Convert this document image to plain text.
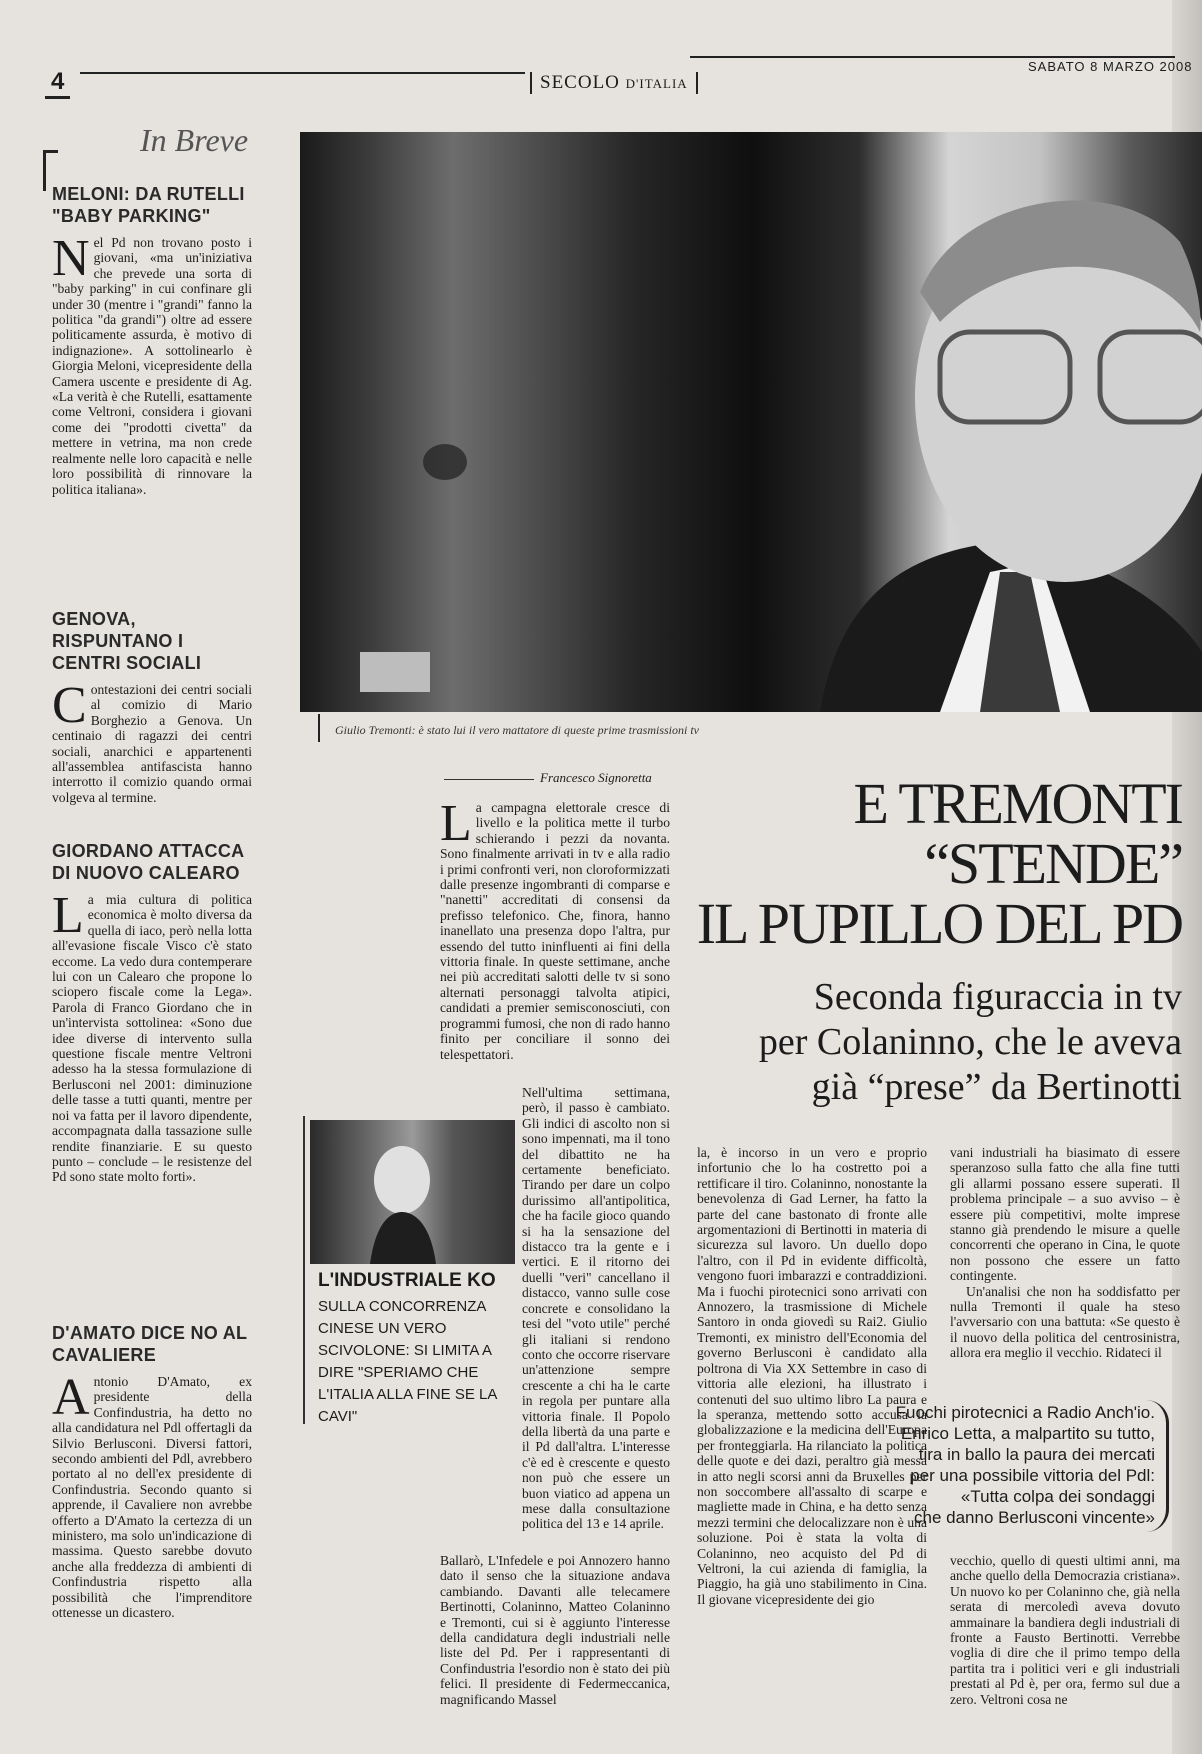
4	SECOLO D'ITALIA
SABATO 8 MARZO 2008
In Breve
MELONI: DA RUTELLI "BABY PARKING"

N el Pd non trovano posto i giovani, «ma un'iniziativa che prevede una sorta di "baby parking" in cui confinare gli under 30 (mentre i "grandi" fanno la politica "da grandi") oltre ad essere politicamente assurda, è motivo di indignazione». A sottolinearlo è Giorgia Meloni, vicepresidente della Camera uscente e presidente di Ag. «La verità è che Rutelli, esattamente come Veltroni, considera i giovani come dei "prodotti civetta" da mettere in vetrina, ma non crede realmente nelle loro capacità e nelle loro possibilità di rinnovare la politica italiana».

GENOVA, RISPUNTANO I CENTRI SOCIALI

C ontestazioni dei centri sociali al comizio di Mario Borghezio a Genova. Un centinaio di ragazzi dei centri sociali, anarchici e appartenenti all'assemblea antifascista hanno interrotto il comizio quando ormai volgeva al termine.

GIORDANO ATTACCA DI NUOVO CALEARO

L a mia cultura di politica economica è molto diversa da quella di iaco, però nella lotta all'evasione fiscale Visco c'è stato eccome. La vedo dura contemperare lui con un Calearo che propone lo sciopero fiscale come la Lega». Parola di Franco Giordano che in un'intervista sottolinea: «Sono due idee diverse di intervento sulla questione fiscale mentre Veltroni adesso ha la stessa formulazione di Berlusconi nel 2001: diminuzione delle tasse a tutti quanti, mentre per noi va fatta per il lavoro dipendente, accompagnata dalla tassazione sulle rendite finanziarie. E su questo punto – conclude – le resistenze del Pd sono state molto forti».

D'AMATO DICE NO AL CAVALIERE

A ntonio D'Amato, ex presidente della Confindustria, ha detto no alla candidatura nel Pdl offertagli da Silvio Berlusconi. Diversi fattori, secondo ambienti del Pdl, avrebbero portato al no dell'ex presidente di Confindustria. Secondo quanto si apprende, il Cavaliere non avrebbe offerto a D'Amato la certezza di un ministero, ma solo un'indicazione di massima. Questo sarebbe dovuto anche alla freddezza di ambienti di Confindustria rispetto alla possibilità che l'imprenditore ottenesse un dicastero.

Giulio Tremonti: è stato lui il vero mattatore di queste prime trasmissioni tv
Francesco Signoretta	E TREMONTI
“STENDE”
IL PUPILLO DEL PD
Seconda figuraccia in tv
per Colaninno, che le aveva
già “prese” da Bertinotti

L a campagna elettorale cresce di livello e la politica mette il turbo schierando i pezzi da novanta. Sono finalmente arrivati in tv e alla radio i primi confronti veri, non cloroformizzati dalle presenze ingombranti di comparse e "nanetti" accreditati di consensi da prefisso telefonico. Che, finora, hanno inanellato una presenza dopo l'altra, pur essendo del tutto ininfluenti ai fini della vittoria finale. In queste settimane, anche nei più accreditati salotti delle tv si sono alternati personaggi talvolta atipici, candidati a premier semisconosciuti, con programmi fumosi, che non di rado hanno finito per conciliare il sonno dei telespettatori.

Nell'ultima settimana, però, il passo è cambiato. Gli indici di ascolto non si sono impennati, ma il tono del dibattito ne ha certamente beneficiato. Tirando per dare un colpo durissimo all'antipolitica, che ha facile gioco quando si ha la sensazione del distacco tra la gente e i vertici. E il ritorno dei duelli "veri" cancellano il distacco, vanno sulle cose concrete e consolidano la tesi del "voto utile" perché gli italiani si rendono conto che occorre riservare un'attenzione sempre crescente a chi ha le carte in regola per puntare alla vittoria finale. Il Popolo della libertà da una parte e il Pd dall'altra. L'interesse c'è ed è crescente e questo non può che essere un buon viatico ad appena un mese dalla consultazione politica del 13 e 14 aprile.

Ballarò, L'Infedele e poi Annozero hanno dato il senso che la situazione andava cambiando. Davanti alle telecamere Bertinotti, Colaninno, Matteo Colaninno e Tremonti, cui si è aggiunto l'interesse della candidatura degli industriali nelle liste del Pd. Per i rappresentanti di Confindustria l'esordio non è stato dei più felici. Il presidente di Federmeccanica, magnificando Massel

L'INDUSTRIALE KO
SULLA CONCORRENZA CINESE UN VERO SCIVOLONE: SI LIMITA A DIRE "SPERIAMO CHE L'ITALIA ALLA FINE SE LA CAVI"

la, è incorso in un vero e proprio infortunio che lo ha costretto poi a rettificare il tiro. Colaninno, nonostante la benevolenza di Gad Lerner, ha fatto la parte del cane bastonato di fronte alle argomentazioni di Bertinotti in materia di sicurezza sul lavoro. Un duello dopo l'altro, con il Pd in evidente difficoltà, vengono fuori imbarazzi e contraddizioni. Ma i fuochi pirotecnici sono arrivati con Annozero, la trasmissione di Michele Santoro in onda giovedì su Rai2. Giulio Tremonti, ex ministro dell'Economia del governo Berlusconi è candidato alla poltrona di Via XX Settembre in caso di vittoria alle elezioni, ha illustrato i contenuti del suo ultimo libro La paura e la speranza, mettendo sotto accusa la globalizzazione e la medicina dell'Europa per fronteggiarla. Ha rilanciato la politica delle quote e dei dazi, peraltro già messa in atto negli scorsi anni da Bruxelles per non soccombere all'assalto di scarpe e magliette made in China, e ha detto senza mezzi termini che delocalizzare non è una soluzione. Poi è stata la volta di Colaninno, neo acquisto del Pd di Veltroni, la cui azienda di famiglia, la Piaggio, ha già uno stabilimento in Cina. Il giovane vicepresidente dei gio

vani industriali ha biasimato di essere speranzoso sulla fatto che alla fine tutti gli allarmi possano essere superati. Il problema principale – a suo avviso – è essere più competitivi, molte imprese stanno già prendendo le misure a quelle concorrenti che operano in Cina, le quote non possono che essere un fatto contingente.

Un'analisi che non ha soddisfatto per nulla Tremonti il quale ha steso l'avversario con una battuta: «Se questo è il nuovo della politica del centrosinistra, allora era meglio il vecchio. Ridateci il

vecchio, quello di questi ultimi anni, ma anche quello della Democrazia cristiana». Un nuovo ko per Colaninno che, già nella serata di mercoledì aveva dovuto ammainare la bandiera degli industriali di fronte a Fausto Bertinotti. Verrebbe voglia di dire che il primo tempo della partita tra i politici veri e gli industriali prestati al Pd è, per ora, fermo sul due a zero. Veltroni cosa ne

Fuochi pirotecnici a Radio Anch'io.
Enrico Letta, a malpartito su tutto,
tira in ballo la paura dei mercati
per una possibile vittoria del Pdl:
«Tutta colpa dei sondaggi
che danno Berlusconi vincente»
